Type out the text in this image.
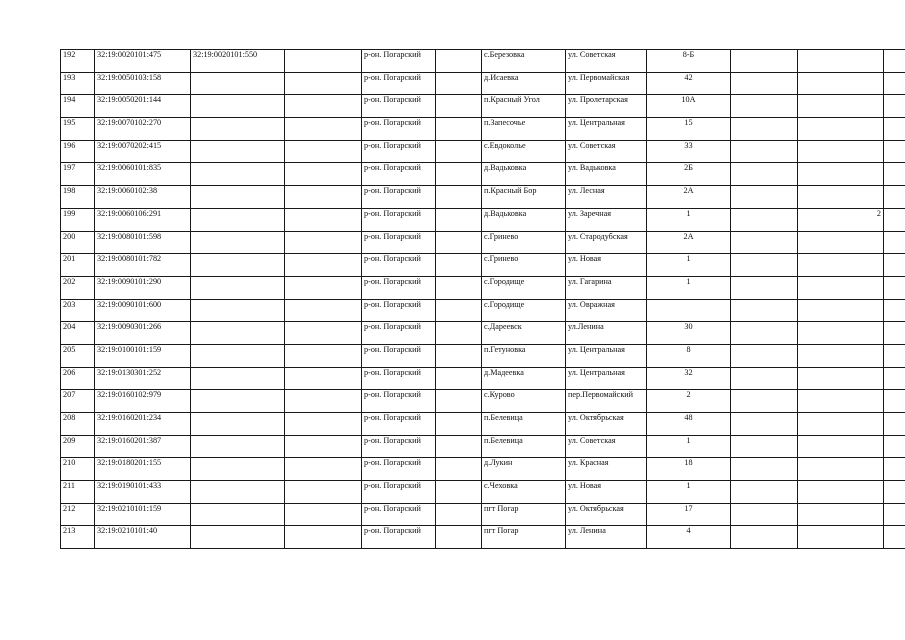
192	32:19:0020101:475	32:19:0020101:550		р-он. Погарский		с.Березовка	ул. Советская	8-Б			
193	32:19:0050103:158			р-он. Погарский		д.Исаевка	ул. Первомайская	42			
194	32:19:0050201:144			р-он. Погарский		п.Красный Угол	ул. Пролетарская	10А			
195	32:19:0070102:270			р-он. Погарский		п.Запесочье	ул. Центральная	15			
196	32:19:0070202:415			р-он. Погарский		с.Евдоколье	ул. Советская	33			
197	32:19:0060101:835			р-он. Погарский		д.Вадьковка	ул. Вадьковка	2Б			
198	32:19:0060102:38			р-он. Погарский		п.Красный Бор	ул. Лесная	2А			
199	32:19:0060106:291			р-он. Погарский		д.Вадьковка	ул. Заречная	1		2	
200	32:19:0080101:598			р-он. Погарский		с.Гринево	ул. Стародубская	2А			
201	32:19:0080101:782			р-он. Погарский		с.Гринево	ул. Новая	1			
202	32:19:0090101:290			р-он. Погарский		с.Городище	ул. Гагарина	1			
203	32:19:0090101:600			р-он. Погарский		с.Городище	ул. Овражная				
204	32:19:0090301:266			р-он. Погарский		с.Дареевск	ул.Ленина	30			
205	32:19:0100101:159			р-он. Погарский		п.Гетуновка	ул. Центральная	8			
206	32:19:0130301:252			р-он. Погарский		д.Мадеевка	ул. Центральная	32			
207	32:19:0160102:979			р-он. Погарский		с.Курово	пер.Первомайский	2			
208	32:19:0160201:234			р-он. Погарский		п.Белевица	ул. Октябрьская	48			
209	32:19:0160201:387			р-он. Погарский		п.Белевица	ул. Советская	1			
210	32:19:0180201:155			р-он. Погарский		д.Лукин	ул. Красная	18			
211	32:19:0190101:433			р-он. Погарский		с.Чеховка	ул. Новая	1			
212	32:19:0210101:159			р-он. Погарский		пгт Погар	ул. Октябрьская	17			
213	32:19:0210101:40			р-он. Погарский		пгт Погар	ул. Ленина	4			
